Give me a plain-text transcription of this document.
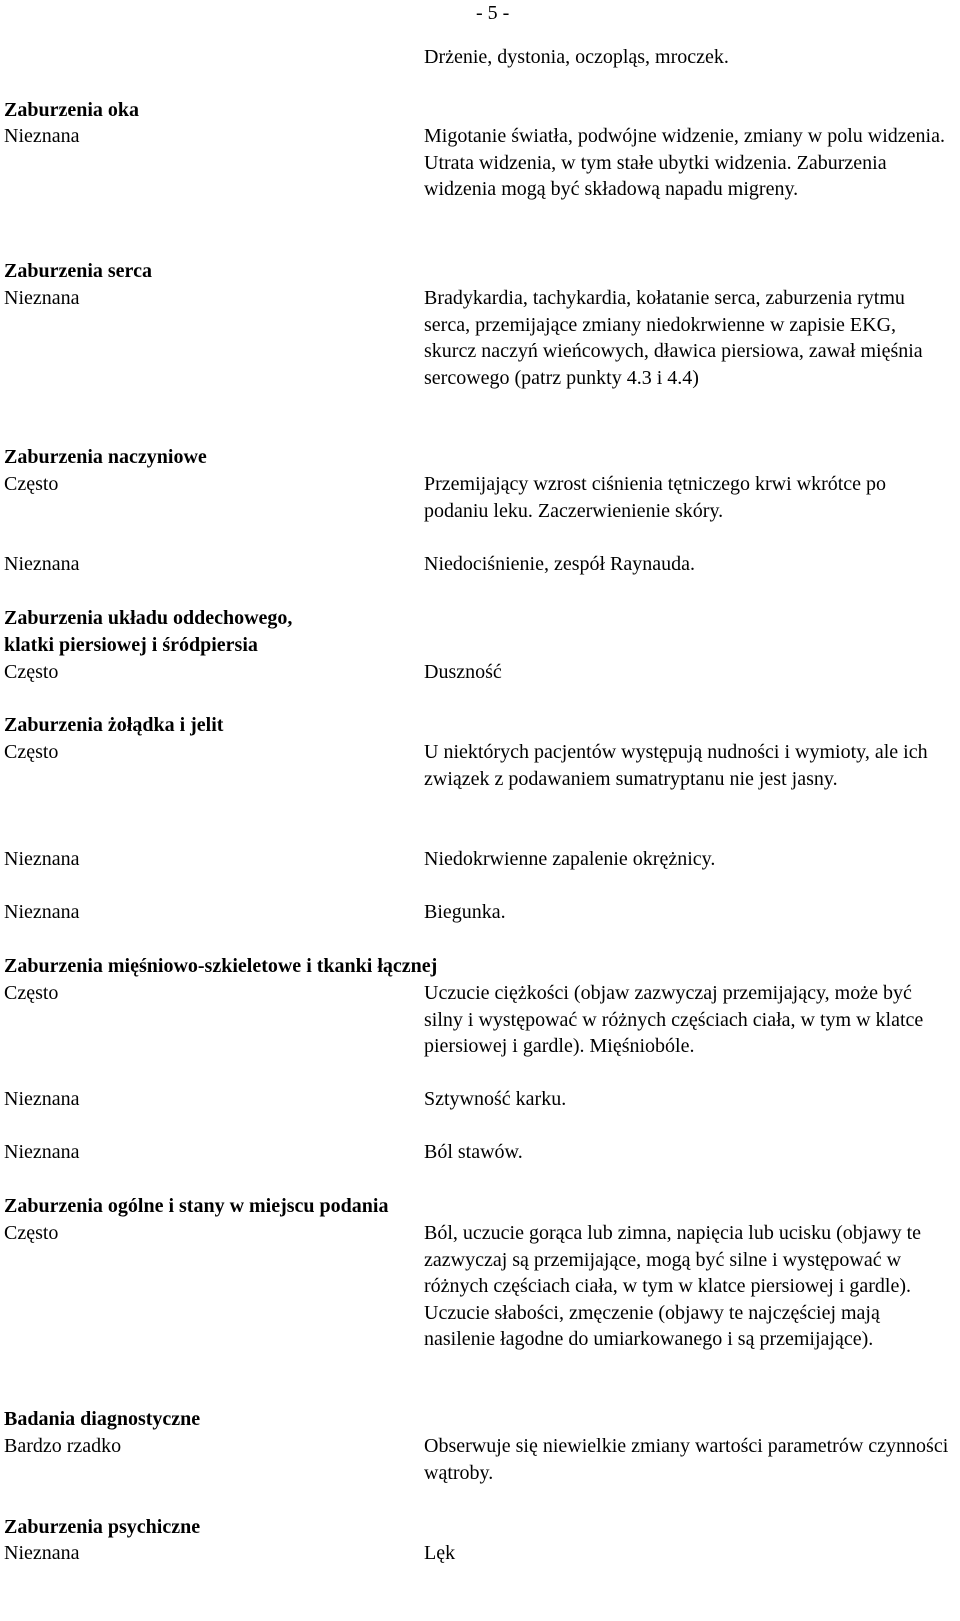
- 5 -

Drżenie, dystonia, oczopląs, mroczek.

Zaburzenia oka

Nieznana	Migotanie światła, podwójne widzenie, zmiany w polu widzenia. Utrata widzenia, w tym stałe ubytki widzenia. Zaburzenia widzenia mogą być składową napadu migreny.

Zaburzenia serca

Nieznana	Bradykardia, tachykardia, kołatanie serca, zaburzenia rytmu serca, przemijające zmiany niedokrwienne w zapisie EKG, skurcz naczyń wieńcowych, dławica piersiowa, zawał mięśnia sercowego (patrz punkty 4.3 i 4.4)

Zaburzenia naczyniowe

Często	Przemijający wzrost ciśnienia tętniczego krwi wkrótce po podaniu leku. Zaczerwienienie skóry.

Nieznana	Niedociśnienie, zespół Raynauda.

Zaburzenia układu oddechowego,

klatki piersiowej i śródpiersia

Często	Duszność

Zaburzenia żołądka i jelit

Często	U niektórych pacjentów występują nudności i wymioty, ale ich związek z podawaniem sumatryptanu nie jest jasny.

Nieznana	Niedokrwienne zapalenie okrężnicy.

Nieznana	Biegunka.

Zaburzenia mięśniowo-szkieletowe i tkanki łącznej

Często	Uczucie ciężkości (objaw zazwyczaj przemijający, może być silny i występować w różnych częściach ciała, w tym w klatce piersiowej i gardle). Mięśniobóle.

Nieznana	Sztywność karku.

Nieznana	Ból stawów.

Zaburzenia ogólne i stany w miejscu podania

Często	Ból, uczucie gorąca lub zimna, napięcia lub ucisku (objawy te zazwyczaj są przemijające, mogą być silne i występować w różnych częściach ciała, w tym w klatce piersiowej i gardle). Uczucie słabości, zmęczenie (objawy te najczęściej mają nasilenie łagodne do umiarkowanego i są przemijające).

Badania diagnostyczne

Bardzo rzadko	Obserwuje się niewielkie zmiany wartości parametrów czynności wątroby.

Zaburzenia psychiczne

Nieznana	Lęk
